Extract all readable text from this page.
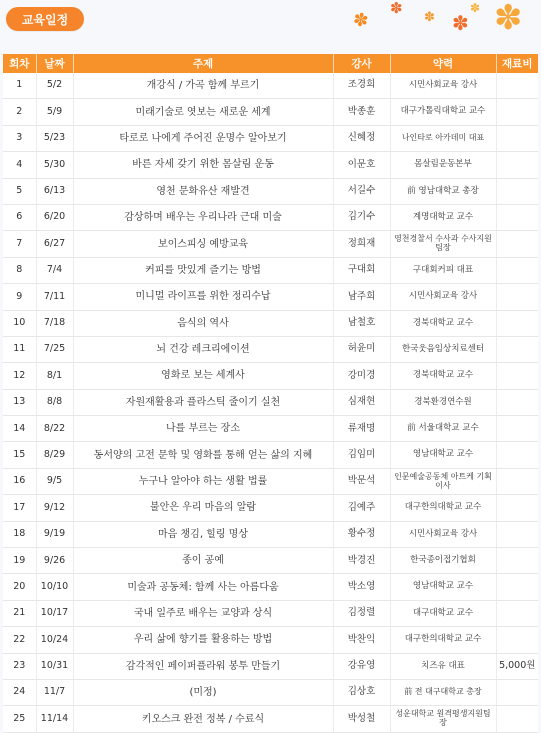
교육일정	✽
✽
✽ ✽
✽ ✽
회차	날짜	주제	강사	약력	재료비
1	5/2	개강식 / 가곡 함께 부르기	조경희	시민사회교육 강사	
2	5/9	미래기술로 엿보는 새로운 세계	박종훈	대구가톨릭대학교 교수	
3	5/23	타로로 나에게 주어진 운명수 알아보기	신혜정	나인타로 아카데미 대표	
4	5/30	바른 자세 갖기 위한 몸살림 운동	이문호	몸살림운동본부	
5	6/13	영천 문화유산 재발견	서길수	前 영남대학교 총장	
6	6/20	감상하며 배우는 우리나라 근대 미술	김기수	계명대학교 교수	
7	6/27	보이스피싱 예방교육	정희재	영천경찰서 수사과 수사지원팀장	
8	7/4	커피를 맛있게 즐기는 방법	구대회	구대회커피 대표	
9	7/11	미니멀 라이프를 위한 정리수납	남주희	시민사회교육 강사	
10	7/18	음식의 역사	남철호	경북대학교 교수	
11	7/25	뇌 건강 레크리에이션	허윤미	한국웃음임상치료센터	
12	8/1	영화로 보는 세계사	강미경	경북대학교 교수	
13	8/8	자원재활용과 플라스틱 줄이기 실천	심재현	경북환경연수원	
14	8/22	나를 부르는 장소	류재명	前 서울대학교 교수	
15	8/29	동서양의 고전 문학 및 영화를 통해 얻는 삶의 지혜	김임미	영남대학교 교수	
16	9/5	누구나 알아야 하는 생활 법률	박문석	인문예술공동체 아트케 기획이사	
17	9/12	불안은 우리 마음의 알람	김예주	대구한의대학교 교수	
18	9/19	마음 챙김, 힐링 명상	황수정	시민사회교육 강사	
19	9/26	종이 공예	박경진	한국종이접기협회	
20	10/10	미술과 공동체: 함께 사는 아름다움	박소영	영남대학교 교수	
21	10/17	국내 일주로 배우는 교양과 상식	김정렬	대구대학교 교수	
22	10/24	우리 삶에 향기를 활용하는 방법	박찬익	대구한의대학교 교수	
23	10/31	감각적인 페이퍼플라워 봉투 만들기	강유영	치즈유 대표	5,000원
24	11/7	(미정)	김상호	前 전 대구대학교 총장	
25	11/14	키오스크 완전 정복 / 수료식	박성철	성운대학교 원격평생지원팀장	
